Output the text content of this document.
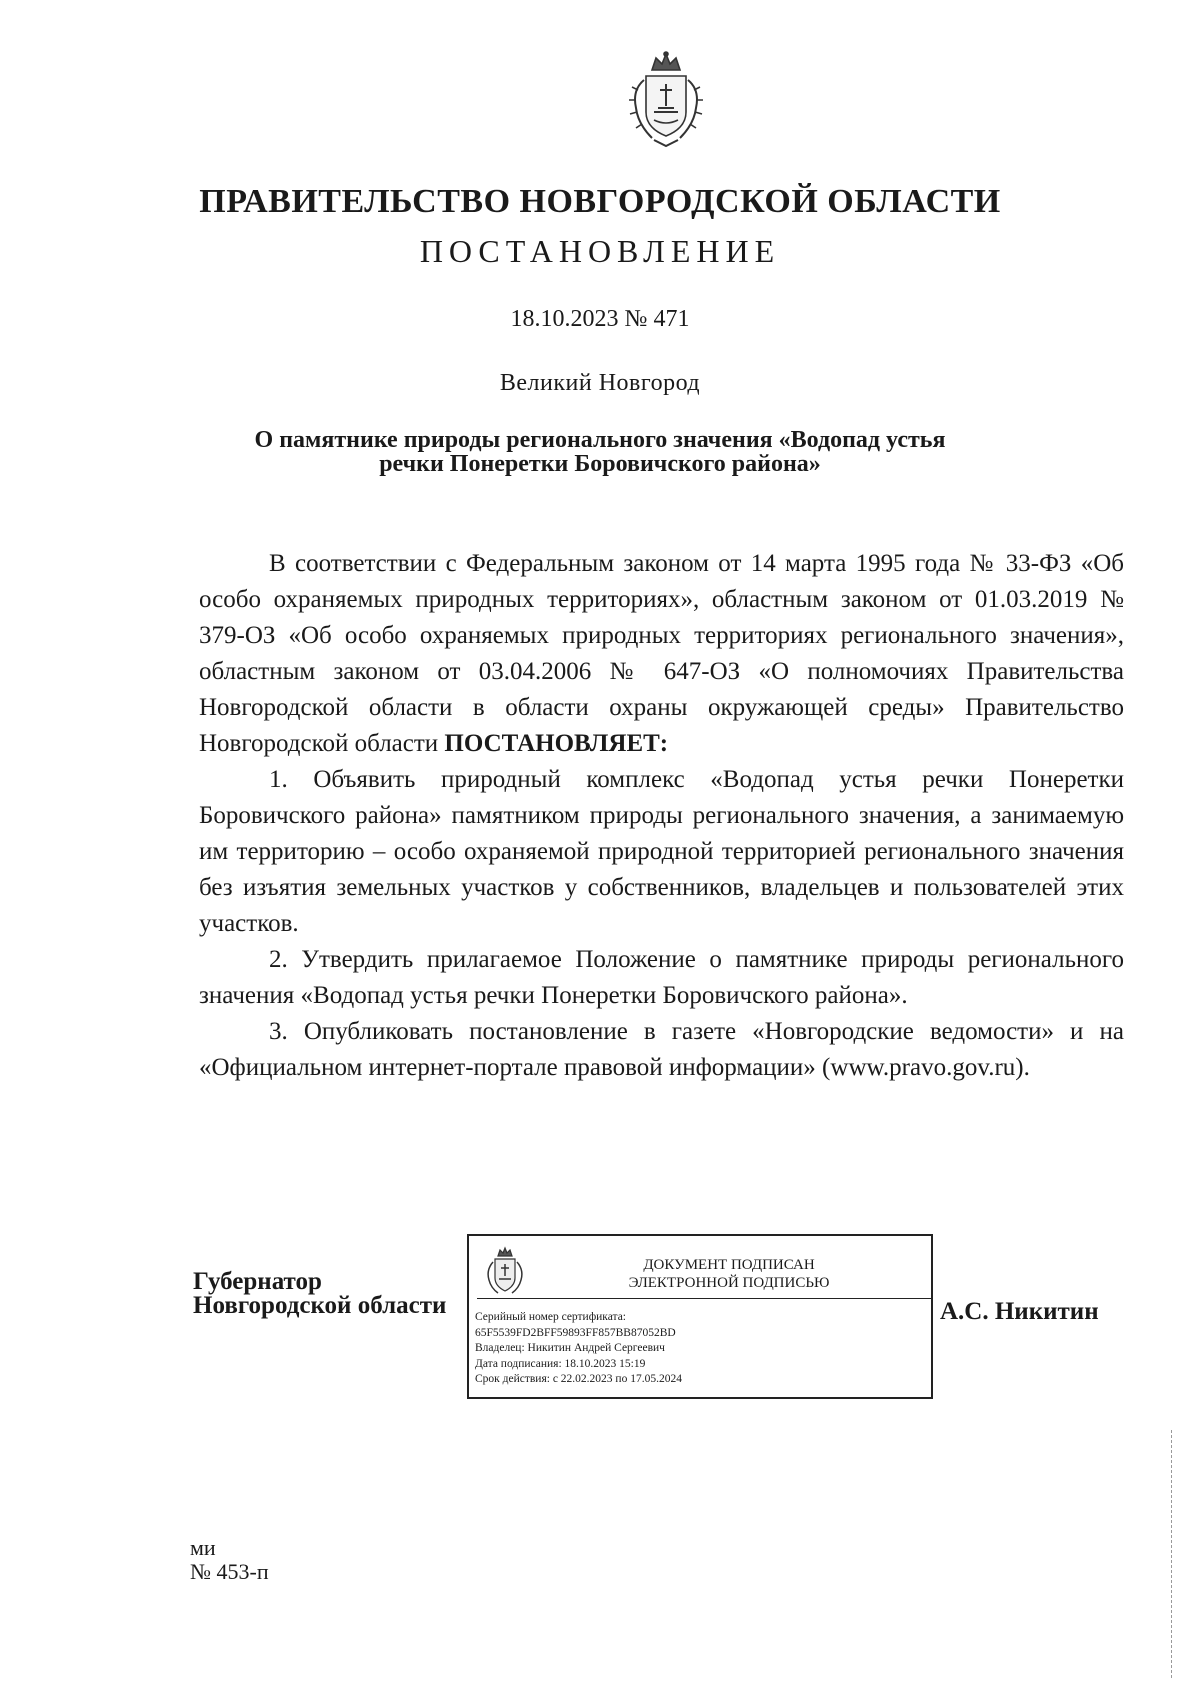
ПРАВИТЕЛЬСТВО НОВГОРОДСКОЙ ОБЛАСТИ
ПОСТАНОВЛЕНИЕ
18.10.2023 № 471
Великий Новгород
О памятнике природы регионального значения «Водопад устья
речки Понеретки Боровичского района»

В соответствии с Федеральным законом от 14 марта 1995 года № 33-ФЗ «Об особо охраняемых природных территориях», областным законом от 01.03.2019 № 379-ОЗ «Об особо охраняемых природных территориях регионального значения», областным законом от 03.04.2006 № 647-ОЗ «О полномочиях Правительства Новгородской области в области охраны окружающей среды» Правительство Новгородской области ПОСТАНОВЛЯЕТ:

1. Объявить природный комплекс «Водопад устья речки Понеретки Боровичского района» памятником природы регионального значения, а занимаемую им территорию – особо охраняемой природной территорией регионального значения без изъятия земельных участков у собственников, владельцев и пользователей этих участков.

2. Утвердить прилагаемое Положение о памятнике природы регионального значения «Водопад устья речки Понеретки Боровичского района».

3. Опубликовать постановление в газете «Новгородские ведомости» и на «Официальном интернет-портале правовой информации» (www.pravo.gov.ru).

Губернатор
Новгородской области
ДОКУМЕНТ ПОДПИСАН
ЭЛЕКТРОННОЙ ПОДПИСЬЮ
Серийный номер сертификата:
65F5539FD2BFF59893FF857BB87052BD
Владелец: Никитин Андрей Сергеевич
Дата подписания: 18.10.2023 15:19
Срок действия: с 22.02.2023 по 17.05.2024
А.С. Никитин
ми
№ 453-п
